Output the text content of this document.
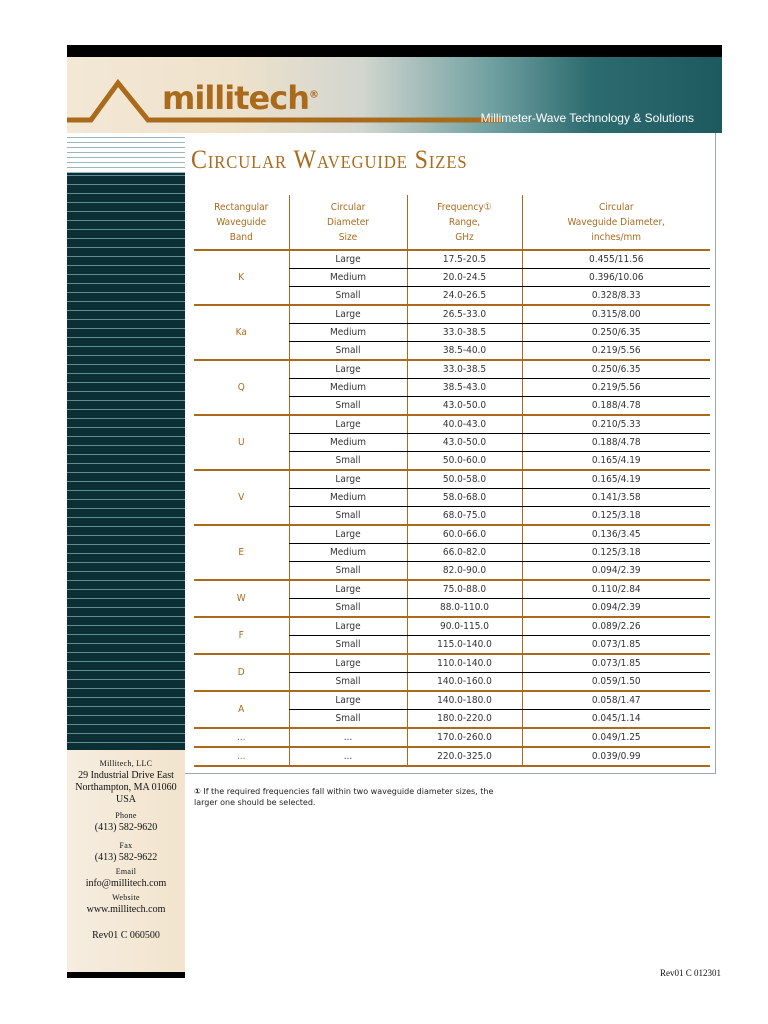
millitech®
Millimeter-Wave Technology & Solutions
Millitech, LLC
29 Industrial Drive East
Northampton, MA 01060
USA
Phone
(413) 582-9620
Fax
(413) 582-9622
Email
info@millitech.com
Website
www.millitech.com
Rev01 C 060500
Circular Waveguide Sizes
Rectangular
Waveguide
Band	Circular
Diameter
Size	Frequency①
Range,
GHz	Circular
Waveguide Diameter,
inches/mm
K	Large	17.5-20.5	0.455/11.56
	Medium	20.0-24.5	0.396/10.06
	Small	24.0-26.5	0.328/8.33
Ka	Large	26.5-33.0	0.315/8.00
	Medium	33.0-38.5	0.250/6.35
	Small	38.5-40.0	0.219/5.56
Q	Large	33.0-38.5	0.250/6.35
	Medium	38.5-43.0	0.219/5.56
	Small	43.0-50.0	0.188/4.78
U	Large	40.0-43.0	0.210/5.33
	Medium	43.0-50.0	0.188/4.78
	Small	50.0-60.0	0.165/4.19
V	Large	50.0-58.0	0.165/4.19
	Medium	58.0-68.0	0.141/3.58
	Small	68.0-75.0	0.125/3.18
E	Large	60.0-66.0	0.136/3.45
	Medium	66.0-82.0	0.125/3.18
	Small	82.0-90.0	0.094/2.39
W	Large	75.0-88.0	0.110/2.84
	Small	88.0-110.0	0.094/2.39
F	Large	90.0-115.0	0.089/2.26
	Small	115.0-140.0	0.073/1.85
D	Large	110.0-140.0	0.073/1.85
	Small	140.0-160.0	0.059/1.50
A	Large	140.0-180.0	0.058/1.47
	Small	180.0-220.0	0.045/1.14
...	...	170.0-260.0	0.049/1.25
...	...	220.0-325.0	0.039/0.99
① If the required frequencies fall within two waveguide diameter sizes, the larger one should be selected.
Rev01 C 012301
